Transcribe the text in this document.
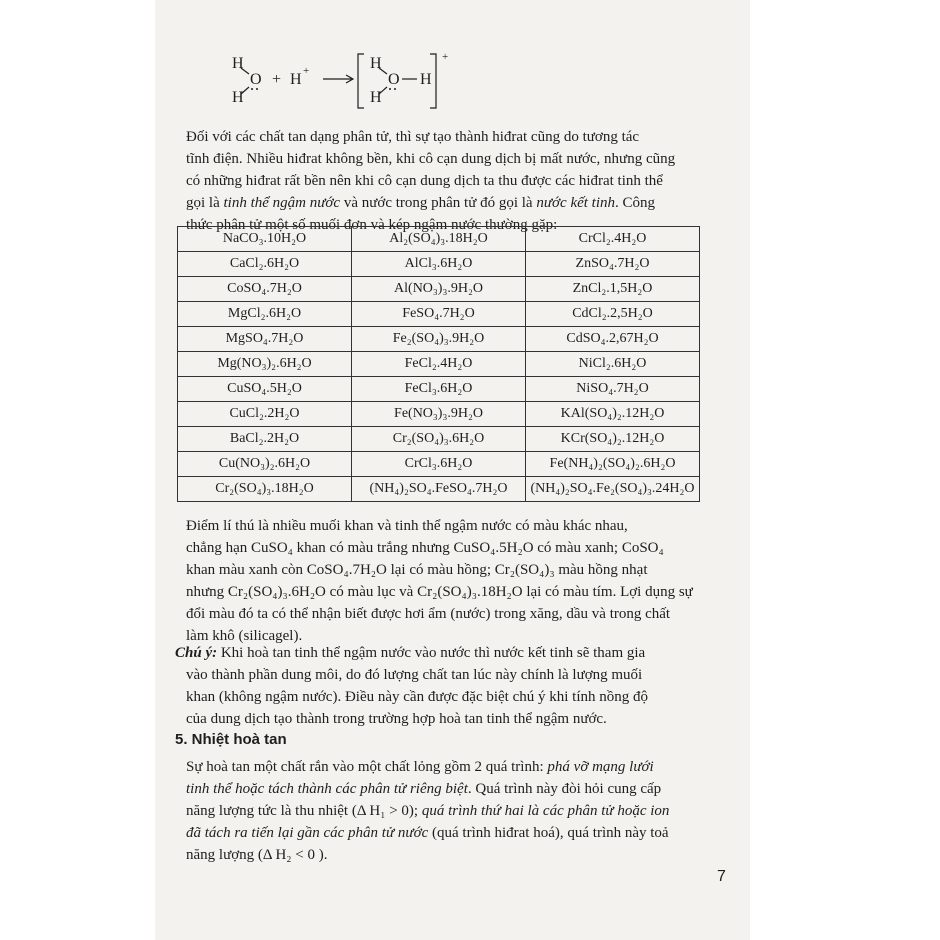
H
O
H
+ H +	H
O H
H
+
Đối với các chất tan dạng phân tử, thì sự tạo thành hiđrat cũng do tương tác
tĩnh điện. Nhiều hiđrat không bền, khi cô cạn dung dịch bị mất nước, nhưng cũng
có những hiđrat rất bền nên khi cô cạn dung dịch ta thu được các hiđrat tinh thể
gọi là tinh thể ngậm nước và nước trong phân tử đó gọi là nước kết tinh. Công
thức phân tử một số muối đơn và kép ngậm nước thường gặp:
NaCO₃.10H₂O	Al₂(SO₄)₃.18H₂O	CrCl₂.4H₂O
CaCl₂.6H₂O	AlCl₃.6H₂O	ZnSO₄.7H₂O
CoSO₄.7H₂O	Al(NO₃)₃.9H₂O	ZnCl₂.1,5H₂O
MgCl₂.6H₂O	FeSO₄.7H₂O	CdCl₂.2,5H₂O
MgSO₄.7H₂O	Fe₂(SO₄)₃.9H₂O	CdSO₄.2,67H₂O
Mg(NO₃)₂.6H₂O	FeCl₂.4H₂O	NiCl₂.6H₂O
CuSO₄.5H₂O	FeCl₃.6H₂O	NiSO₄.7H₂O
CuCl₂.2H₂O	Fe(NO₃)₃.9H₂O	KAl(SO₄)₂.12H₂O
BaCl₂.2H₂O	Cr₂(SO₄)₃.6H₂O	KCr(SO₄)₂.12H₂O
Cu(NO₃)₂.6H₂O	CrCl₃.6H₂O	Fe(NH₄)₂(SO₄)₂.6H₂O
Cr₂(SO₄)₃.18H₂O	(NH₄)₂SO₄.FeSO₄.7H₂O	(NH₄)₂SO₄.Fe₂(SO₄)₃.24H₂O
Điểm lí thú là nhiều muối khan và tinh thể ngậm nước có màu khác nhau,
chẳng hạn CuSO₄ khan có màu trắng nhưng CuSO₄.5H₂O có màu xanh; CoSO₄
khan màu xanh còn CoSO₄.7H₂O lại có màu hồng; Cr₂(SO₄)₃ màu hồng nhạt
nhưng Cr₂(SO₄)₃.6H₂O có màu lục và Cr₂(SO₄)₃.18H₂O lại có màu tím. Lợi dụng sự
đổi màu đó ta có thể nhận biết được hơi ẩm (nước) trong xăng, dầu và trong chất
làm khô (silicagel).
Chú ý: Khi hoà tan tinh thể ngậm nước vào nước thì nước kết tinh sẽ tham gia
vào thành phần dung môi, do đó lượng chất tan lúc này chính là lượng muối
khan (không ngậm nước). Điều này cần được đặc biệt chú ý khi tính nồng độ
của dung dịch tạo thành trong trường hợp hoà tan tinh thể ngậm nước.
5. Nhiệt hoà tan
Sự hoà tan một chất rắn vào một chất lỏng gồm 2 quá trình: phá vỡ mạng lưới
tinh thể hoặc tách thành các phân tử riêng biệt. Quá trình này đòi hỏi cung cấp
năng lượng tức là thu nhiệt (Δ H₁ > 0); quá trình thứ hai là các phân tử hoặc ion
đã tách ra tiến lại gần các phân tử nước (quá trình hiđrat hoá), quá trình này toả
năng lượng (Δ H₂ < 0 ).
7
